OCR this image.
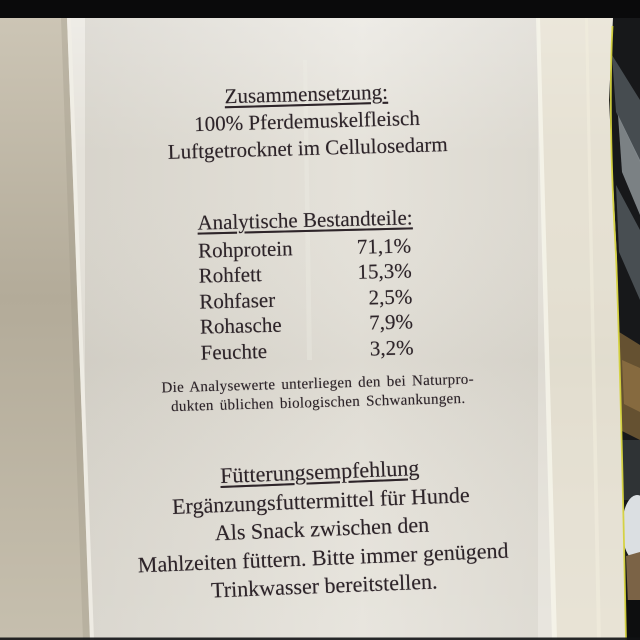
Zusammensetzung:
100% Pferdemuskelfleisch
Luftgetrocknet im Cellulosedarm
Analytische Bestandteile:
Rohprotein	71,1%
Rohfett	15,3%
Rohfaser	2,5%
Rohasche	7,9%
Feuchte	3,2%
Die Analysewerte unterliegen den bei Naturpro-
dukten üblichen biologischen Schwankungen.
Fütterungsempfehlung
Ergänzungsfuttermittel für Hunde
Als Snack zwischen den
Mahlzeiten füttern. Bitte immer genügend
Trinkwasser bereitstellen.
